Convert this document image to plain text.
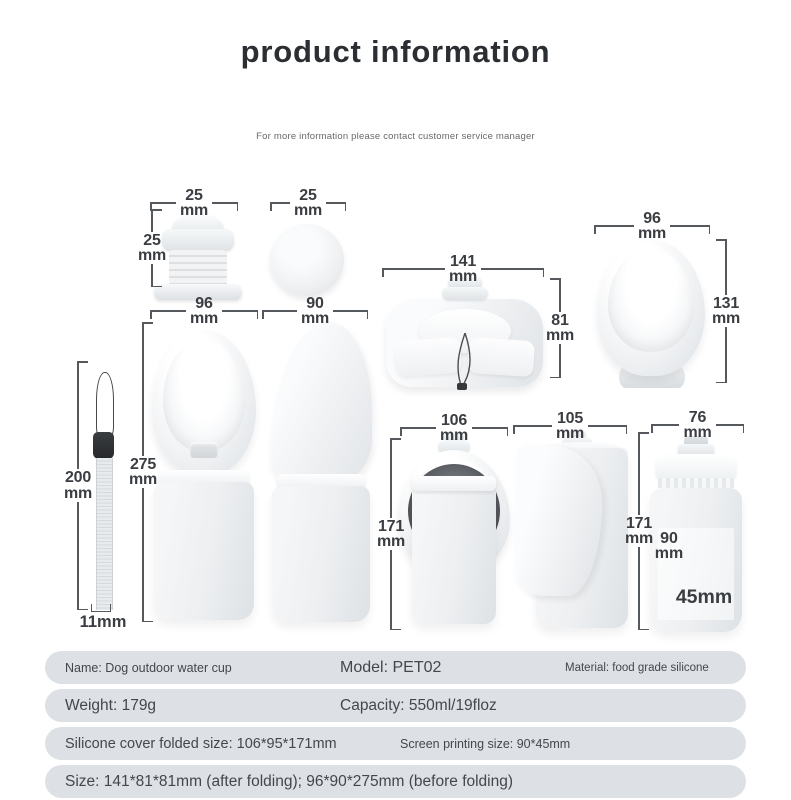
product information
For more information please contact customer service manager
25
mm
25
mm
25
mm	141
mm
81
mm
96
mm
131
mm
200
mm
11mm
96
mm
90
mm
275
mm
106
mm
105
mm
76
mm
171
mm
171
mm 90
mm
45mm
Name: Dog outdoor water cup	Model: PET02	Material: food grade silicone
Weight: 179g	Capacity: 550ml/19floz
Silicone cover folded size: 106*95*171mm	Screen printing size: 90*45mm
Size: 141*81*81mm (after folding); 96*90*275mm (before folding)
